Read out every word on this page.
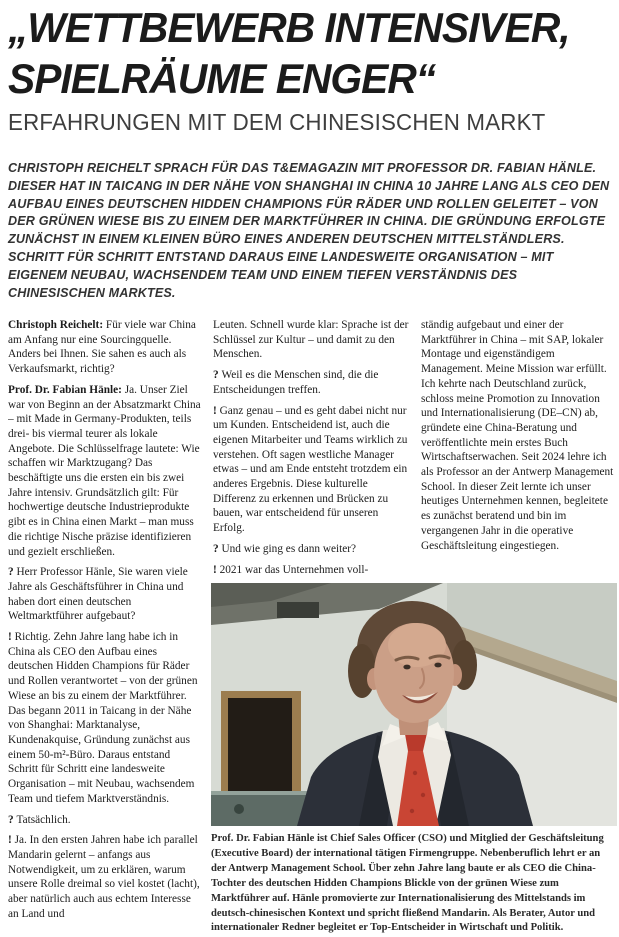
„WETTBEWERB INTENSIVER,
SPIELRÄUME ENGER“
ERFAHRUNGEN MIT DEM CHINESISCHEN MARKT

CHRISTOPH REICHELT SPRACH FÜR DAS T&EMAGAZIN MIT PROFESSOR DR. FABIAN HÄNLE. DIESER HAT IN TAICANG IN DER NÄHE VON SHANGHAI IN CHINA 10 JAHRE LANG ALS CEO DEN AUFBAU EINES DEUTSCHEN HIDDEN CHAMPIONS FÜR RÄDER UND ROLLEN GELEITET – VON DER GRÜNEN WIESE BIS ZU EINEM DER MARKTFÜHRER IN CHINA. DIE GRÜNDUNG ERFOLGTE ZUNÄCHST IN EINEM KLEINEN BÜRO EINES ANDEREN DEUTSCHEN MITTELSTÄNDLERS. SCHRITT FÜR SCHRITT ENTSTAND DARAUS EINE LANDESWEITE ORGANISATION – MIT EIGENEM NEUBAU, WACHSENDEM TEAM UND EINEM TIEFEN VERSTÄNDNIS DES CHINESISCHEN MARKTES.

Christoph Reichelt: Für viele war China am Anfang nur eine Sourcingquelle. Anders bei Ihnen. Sie sahen es auch als Verkaufsmarkt, richtig?

Prof. Dr. Fabian Hänle: Ja. Unser Ziel war von Beginn an der Absatzmarkt China – mit Made in Germany-Produkten, teils drei- bis viermal teurer als lokale Angebote. Die Schlüsselfrage lautete: Wie schaffen wir Marktzugang? Das beschäftigte uns die ersten ein bis zwei Jahre intensiv. Grundsätzlich gilt: Für hochwertige deutsche Industrieprodukte gibt es in China einen Markt – man muss die richtige Nische präzise identifizieren und gezielt erschließen.

? Herr Professor Hänle, Sie waren viele Jahre als Geschäftsführer in China und haben dort einen deutschen Weltmarktführer aufgebaut?

! Richtig. Zehn Jahre lang habe ich in China als CEO den Aufbau eines deutschen Hidden Champions für Räder und Rollen verantwortet – von der grünen Wiese an bis zu einem der Marktführer. Das begann 2011 in Taicang in der Nähe von Shanghai: Marktanalyse, Kundenakquise, Gründung zunächst aus einem 50-m²-Büro. Daraus entstand Schritt für Schritt eine landesweite Organisation – mit Neubau, wachsendem Team und tiefem Marktverständnis.

? Tatsächlich.

! Ja. In den ersten Jahren habe ich parallel Mandarin gelernt – anfangs aus Notwendigkeit, um zu erklären, warum unsere Rolle dreimal so viel kostet (lacht), aber natürlich auch aus echtem Interesse an Land und

Leuten. Schnell wurde klar: Sprache ist der Schlüssel zur Kultur – und damit zu den Menschen.

? Weil es die Menschen sind, die die Entscheidungen treffen.

! Ganz genau – und es geht dabei nicht nur um Kunden. Entscheidend ist, auch die eigenen Mitarbeiter und Teams wirklich zu verstehen. Oft sagen westliche Manager etwas – und am Ende entsteht trotzdem ein anderes Ergebnis. Diese kulturelle Differenz zu erkennen und Brücken zu bauen, war entscheidend für unseren Erfolg.

? Und wie ging es dann weiter?

! 2021 war das Unternehmen voll-

ständig aufgebaut und einer der Marktführer in China – mit SAP, lokaler Montage und eigenständigem Management. Meine Mission war erfüllt. Ich kehrte nach Deutschland zurück, schloss meine Promotion zu Innovation und Internationalisierung (DE–CN) ab, gründete eine China-Beratung und veröffentlichte mein erstes Buch Wirtschaftserwachen. Seit 2024 lehre ich als Professor an der Antwerp Management School. In dieser Zeit lernte ich unser heutiges Unternehmen kennen, begleitete es zunächst beratend und bin im vergangenen Jahr in die operative Geschäftsleitung eingestiegen.

Prof. Dr. Fabian Hänle ist Chief Sales Officer (CSO) und Mitglied der Geschäftsleitung (Executive Board) der international tätigen Firmengruppe. Nebenberuflich lehrt er an der Antwerp Management School. Über zehn Jahre lang baute er als CEO die China-Tochter des deutschen Hidden Champions Blickle von der grünen Wiese zum Marktführer auf. Hänle promovierte zur Internationalisierung des Mittelstands im deutsch-chinesischen Kontext und spricht fließend Mandarin. Als Berater, Autor und internationaler Redner begleitet er Top-Entscheider in Wirtschaft und Politik.
